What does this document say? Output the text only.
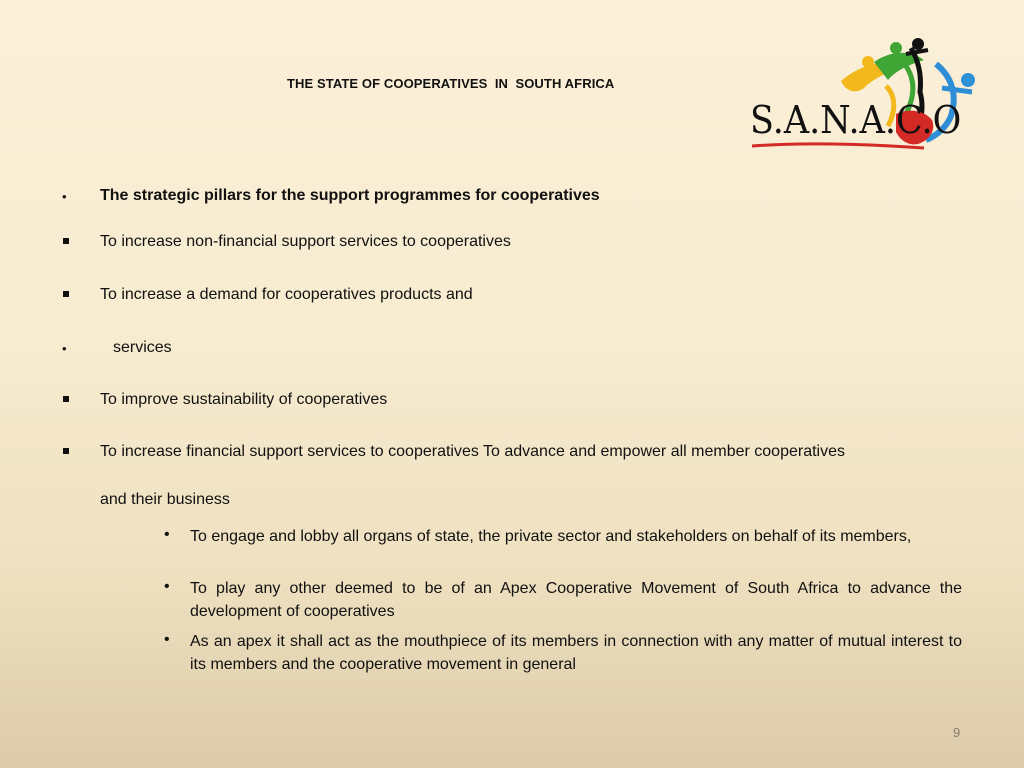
THE STATE OF COOPERATIVES  IN  SOUTH AFRICA
S.A.N.A.C.O
• The strategic pillars for the support programmes for cooperatives
To increase non-financial support services to cooperatives
To increase a demand for cooperatives products and
•	services
To improve sustainability of cooperatives
To increase financial support services to cooperatives To advance and empower all member cooperatives
and their business
• To engage and lobby all organs of state, the private sector and stakeholders on behalf of its members,
• To play any other deemed to be of an Apex Cooperative Movement of South Africa to advance the development of cooperatives
• As an apex it shall act as the mouthpiece of its members in connection with any matter of mutual interest to its members and the cooperative movement in general
9
